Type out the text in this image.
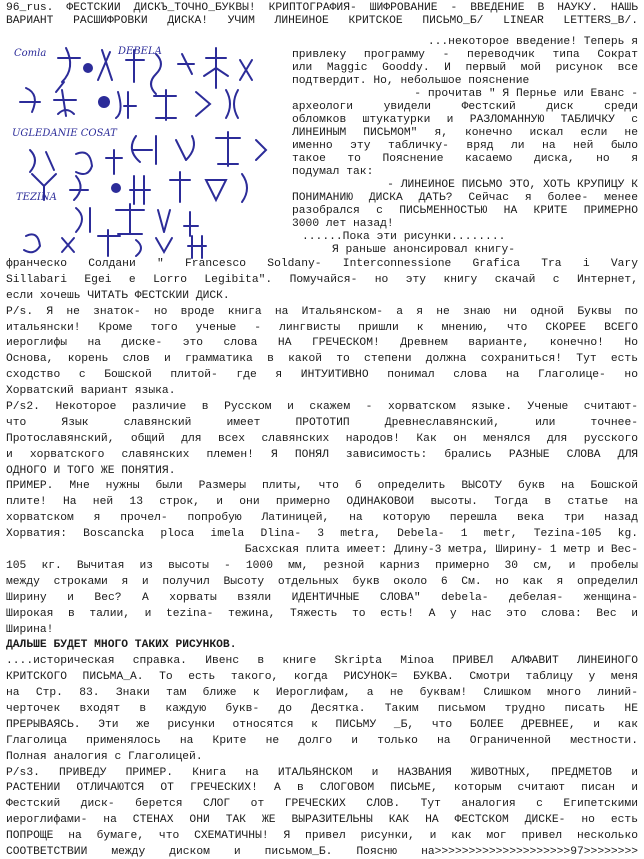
96_rus. ФЕСТСКИЙ ДИСКЪ_ТОЧНО_БУКВЫ! КРИПТОГРАФИЯ- ШИФРОВАНИЕ - ВВЕДЕНИЕ В НАУКУ. НАШЬ
ВАРИАНТ РАСШИФРОВКИ ДИСКА! УЧИМ ЛИНЕЙНОЕ КРИТСКОЕ ПИСЬМО_Б/ LINEAR LETTERS_B/.
Comla	DEBELA
UGLEDANIE COSAT
TEZINA
...некоторое введение! Теперь я
привлеку программу - переводчик типа Сократ
или Maggic Gooddy. И первый мой рисунок все
подтвердит. Но, небольшое пояснение
- прочитав " Я Пернье или Еванс -
археологи увидели Фестский диск среди
обломков штукатурки и РАЗЛОМАННУЮ ТАБЛИЧКУ с
ЛИНЕЙНЫМ ПИСЬМОМ" я, конечно искал если не
именно эту табличку- вряд ли на ней было
такое то Пояснение касаемо диска, но я
подумал так:
- ЛИНЕЙНОЕ ПИСЬМО ЭТО, ХОТЬ КРУПИЦУ К
ПОНИМАНИЮ ДИСКА ДАТЬ? Сейчас я более- менее
разобрался с ПИСЬМЕННОСТЬЮ НА КРИТЕ ПРИМЕРНО
3000 лет назад!
......Пока эти рисунки........
Я раньше анонсировал книгу-
франческо Солдани " Francesco Soldany- Interconnessione Grafica Tra i Vary
Sillabari Egei e Lorro Legibita". Помучайся- но эту книгу скачай с Интернет,
если хочешь ЧИТАТЬ ФЕСТСКИЙ ДИСК.
P/s. Я не знаток- но вроде книга на Итальянском- а я не знаю ни одной Буквы по
итальянски! Кроме того ученые - лингвисты пришли к мнению, что СКОРЕЕ ВСЕГО
иероглифы на диске- это слова НА ГРЕЧЕСКОМ! Древнем варианте, конечно! Но
Основа, корень слов и грамматика в какой то степени должна сохраниться! Тут есть
сходство с Бошской плитой- где я ИНТУИТИВНО понимал слова на Глаголице- но
Хорватский вариант языка.
P/s2. Некоторое различие в Русском и скажем - хорватском языке. Ученые считают-
что Язык славянский имеет ПРОТОТИП Древнеславянский, или точнее-
Протославянский, общий для всех славянских народов! Как он менялся для русского
и хорватского славянских племен! Я ПОНЯЛ зависимость: брались РАЗНЫЕ СЛОВА ДЛЯ
ОДНОГО И ТОГО ЖЕ ПОНЯТИЯ.
ПРИМЕР. Мне нужны были Размеры плиты, что б определить ВЫСОТУ букв на Бошской
плите! На ней 13 строк, и они примерно ОДИНАКОВОЙ высоты. Тогда в статье на
хорватском я прочел- попробую Латиницей, на которую перешла века три назад
Хорватия: Boscancka ploca imela Dlina- 3 metra, Debela- 1 metr, Tezina-105 kg.
Басхская плита имеет: Длину-3 метра, Ширину- 1 метр и Вес-
105 кг. Вычитая из высоты - 1000 мм, резной карниз примерно 30 см, и пробелы
между строками я и получил Высоту отдельных букв около 6 См. но как я определил
Ширину и Вес? А хорваты взяли ИДЕНТИЧНЫЕ СЛОВА" debela- дебелая- женщина-
Широкая в талии, и tezina- тежина, Тяжесть то есть! А у нас это слова: Вес и
Ширина!
ДАЛЬШЕ БУДЕТ МНОГО ТАКИХ РИСУНКОВ.
....историческая справка. Ивенс в книге Skripta Minoa ПРИВЕЛ АЛФАВИТ ЛИНЕЙНОГО
КРИТСКОГО ПИСЬМА_А. То есть такого, когда РИСУНОК= БУКВА. Смотри таблицу у меня
на Стр. 83. Знаки там ближе к Иероглифам, а не буквам! Слишком много линий-
черточек входят в каждую букв- до Десятка. Таким письмом трудно писать НЕ
ПРЕРЫВАЯСЬ. Эти же рисунки относятся к ПИСЬМУ _Б, что БОЛЕЕ ДРЕВНЕЕ, и как
Глаголица применялось на Крите не долго и только на Ограниченной местности.
Полная аналогия с Глаголицей.
P/s3. ПРИВЕДУ ПРИМЕР. Книга на ИТАЛЬЯНСКОМ и НАЗВАНИЯ ЖИВОТНЫХ, ПРЕДМЕТОВ и
РАСТЕНИЙ ОТЛИЧАЮТСЯ ОТ ГРЕЧЕСКИХ! А в СЛОГОВОМ ПИСЬМЕ, которым считают писан и
Фестский диск- берется СЛОГ от ГРЕЧЕСКИХ СЛОВ. Тут аналогия с Египетскими
иероглифами- на СТЕНАХ ОНИ ТАК ЖЕ ВЫРАЗИТЕЛЬНЫ КАК НА ФЕСТСКОМ ДИСКЕ- но есть
ПОПРОЩЕ на бумаге, что СХЕМАТИЧНЫ! Я привел рисунки, и как мог привел несколько
СООТВЕТСТВИЙ между диском и письмом_Б. Поясню на>>>>>>>>>>>>>>>>>>>>97>>>>>>>>
